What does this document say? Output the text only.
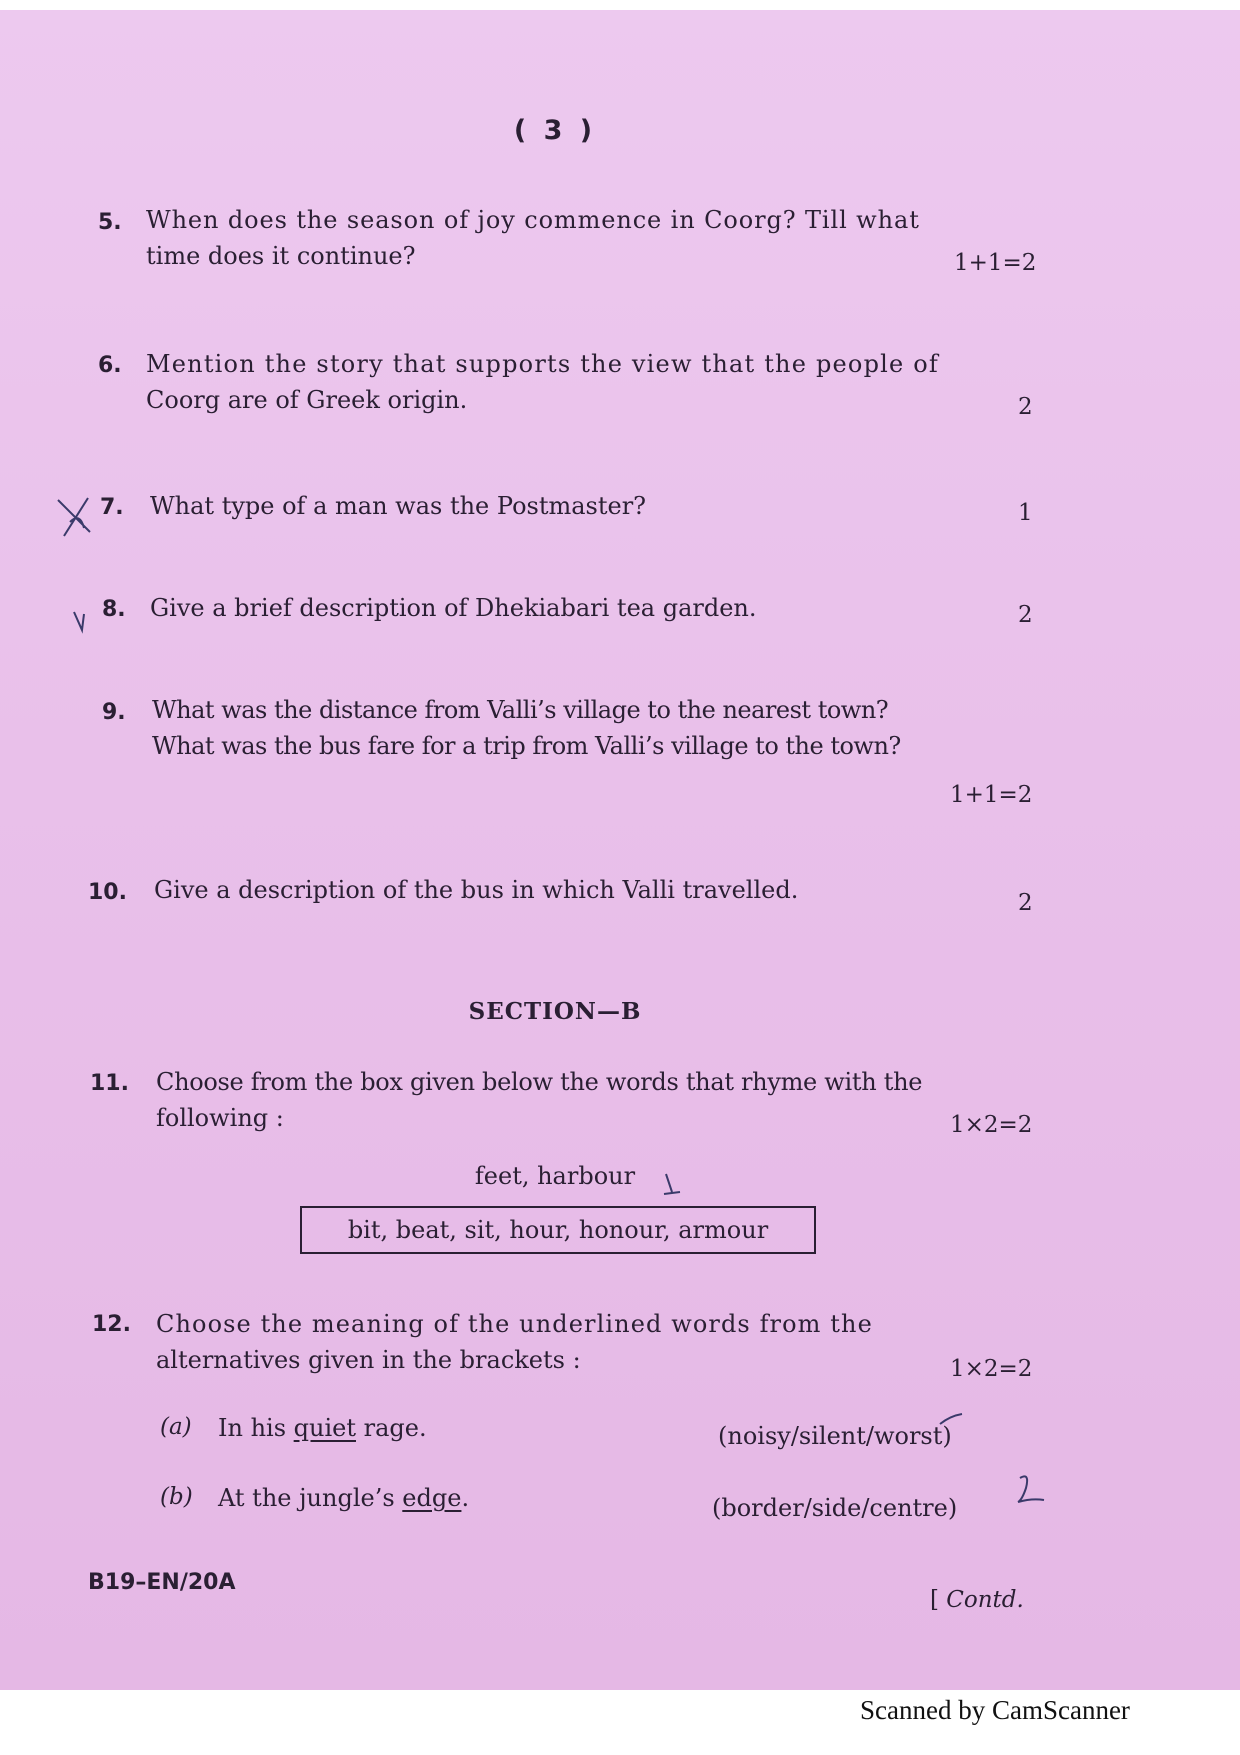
( 3 )
5. When does the season of joy commence in Coorg? Till what
time does it continue?	1+1=2
6. Mention the story that supports the view that the people of
Coorg are of Greek origin.	2
7. What type of a man was the Postmaster?	1
8. Give a brief description of Dhekiabari tea garden.	2
9. What was the distance from Valli’s village to the nearest town?
What was the bus fare for a trip from Valli’s village to the town?
1+1=2
10. Give a description of the bus in which Valli travelled.	2
SECTION—B
11. Choose from the box given below the words that rhyme with the
following :	1×2=2
feet, harbour
bit, beat, sit, hour, honour, armour
12. Choose the meaning of the underlined words from the
alternatives given in the brackets :	1×2=2
(a) In his quiet rage.	(noisy/silent/worst)
(b) At the jungle’s edge.	(border/side/centre)
B19–EN/20A
[ Contd.
Scanned by CamScanner
